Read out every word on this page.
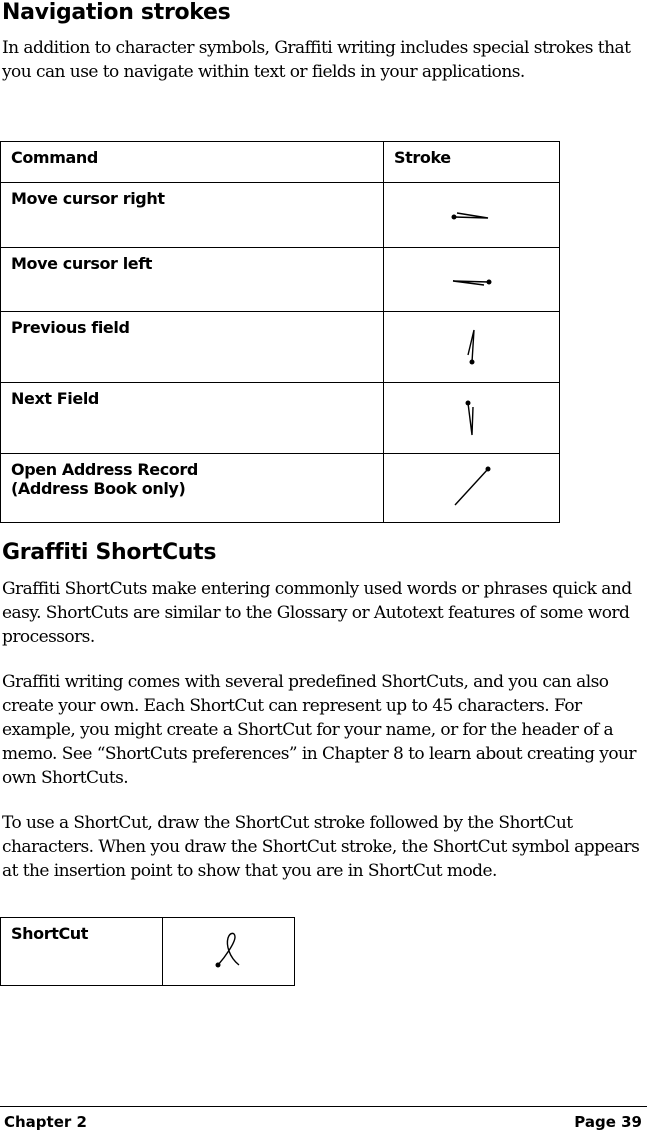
Navigation strokes

In addition to character symbols, Graffiti writing includes special strokes that you can use to navigate within text or fields in your applications.

Command	Stroke
Move cursor right	

Move cursor left	

Previous field	

Next Field	

Open Address Record
(Address Book only)

Graffiti ShortCuts

Graffiti ShortCuts make entering commonly used words or phrases quick and easy. ShortCuts are similar to the Glossary or Autotext features of some word processors.

Graffiti writing comes with several predefined ShortCuts, and you can also create your own. Each ShortCut can represent up to 45 characters. For example, you might create a ShortCut for your name, or for the header of a memo. See “ShortCuts preferences” in Chapter 8 to learn about creating your own ShortCuts.

To use a ShortCut, draw the ShortCut stroke followed by the ShortCut characters. When you draw the ShortCut stroke, the ShortCut symbol appears at the insertion point to show that you are in ShortCut mode.

ShortCut	
Chapter 2	Page 39
